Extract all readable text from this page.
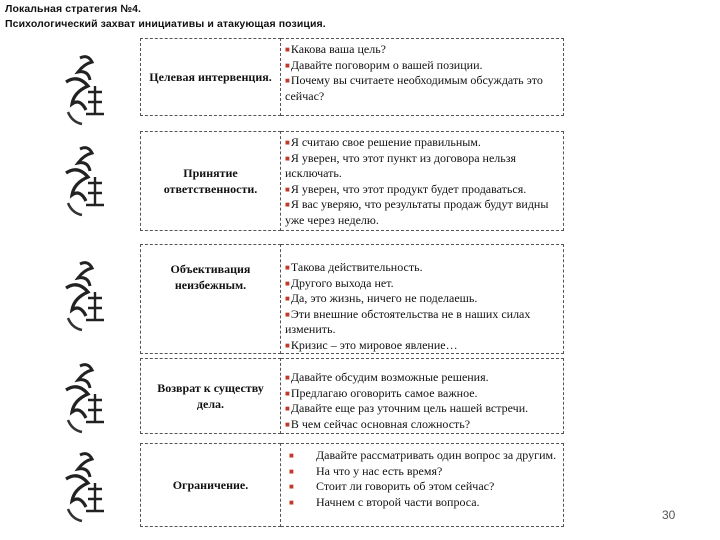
Локальная стратегия №4.
Психологический захват инициативы и атакующая позиция.
Целевая интервенция.
■Какова ваша цель?
■Давайте поговорим о вашей позиции.
■Почему вы считаете необходимым обсуждать это сейчас?
Принятие ответственности.
■Я считаю свое решение правильным.
■Я уверен, что этот пункт из договора нельзя исключать.
■Я уверен, что этот продукт будет продаваться.
■Я вас уверяю, что результаты продаж будут видны уже через неделю.
Объективация неизбежным.
■Такова действительность.
■Другого выхода нет.
■Да, это жизнь, ничего не поделаешь.
■Эти внешние обстоятельства не в наших силах изменить.
■Кризис – это мировое явление…
Возврат к существу дела.
■Давайте обсудим возможные решения.
■Предлагаю оговорить самое важное.
■Давайте еще раз уточним цель нашей встречи.
■В чем сейчас основная сложность?
Ограничение.
■ Давайте рассматривать один вопрос за другим.
■ На что у нас есть время?
■ Стоит ли говорить об этом сейчас?
■ Начнем с второй части вопроса.
30
